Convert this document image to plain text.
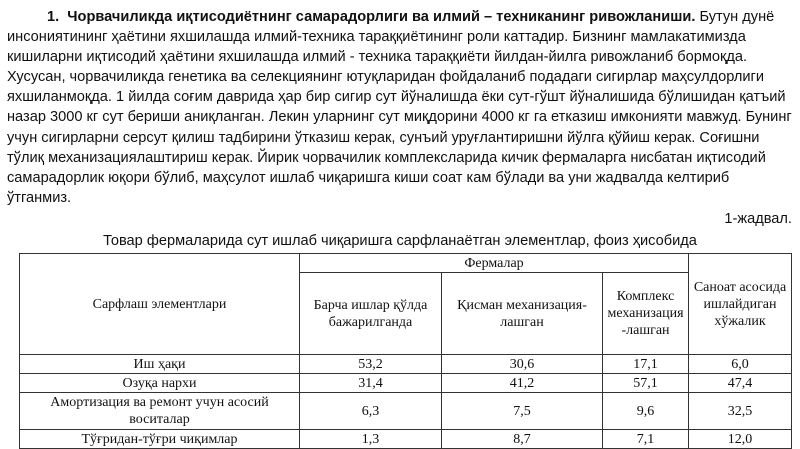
1. Чорвачиликда иқтисодиётнинг самарадорлиги ва илмий – техниканинг ривожланиши. Бутун дунё инсониятининг ҳаётини яхшилашда илмий-техника тараққиётининг роли каттадир. Бизнинг мамлакатимизда кишиларни иқтисодий ҳаётини яхшилашда илмий - техника тараққиёти йилдан-йилга ривожланиб бормоқда. Хусусан, чорвачиликда генетика ва селекциянинг ютуқларидан фойдаланиб подадаги сигирлар маҳсулдорлиги яхшиланмоқда. 1 йилда соғим даврида ҳар бир сигир сут йўналишда ёки сут-гўшт йўналишида бўлишидан қатъий назар 3000 кг сут бериши аниқланган. Лекин уларнинг сут миқдорини 4000 кг га етказиш имконияти мавжуд. Бунинг учун сигирларни серсут қилиш тадбирини ўтказиш керак, сунъий уруғлантиришни йўлга қўйиш керак. Соғишни тўлиқ механизациялаштириш керак. Йирик чорвачилик комплексларида кичик фермаларга нисбатан иқтисодий самарадорлик юқори бўлиб, маҳсулот ишлаб чиқаришга киши соат кам бўлади ва уни жадвалда келтириб ўтганмиз.

1-жадвал.
Товар фермаларида сут ишлаб чиқаришга сарфланаётган элементлар, фоиз ҳисобида
Сарфлаш элементлари	Фермалар			Саноат асосида ишлайдиган хўжалик
	Барча ишлар қўлда бажарилганда	Қисман механизация-лашган	Комплекс механизация -лашган	
Иш ҳақи	53,2	30,6	17,1	6,0
Озуқа нархи	31,4	41,2	57,1	47,4
Амортизация ва ремонт учун асосий воситалар	6,3	7,5	9,6	32,5
Тўғридан-тўғри чиқимлар	1,3	8,7	7,1	12,0
